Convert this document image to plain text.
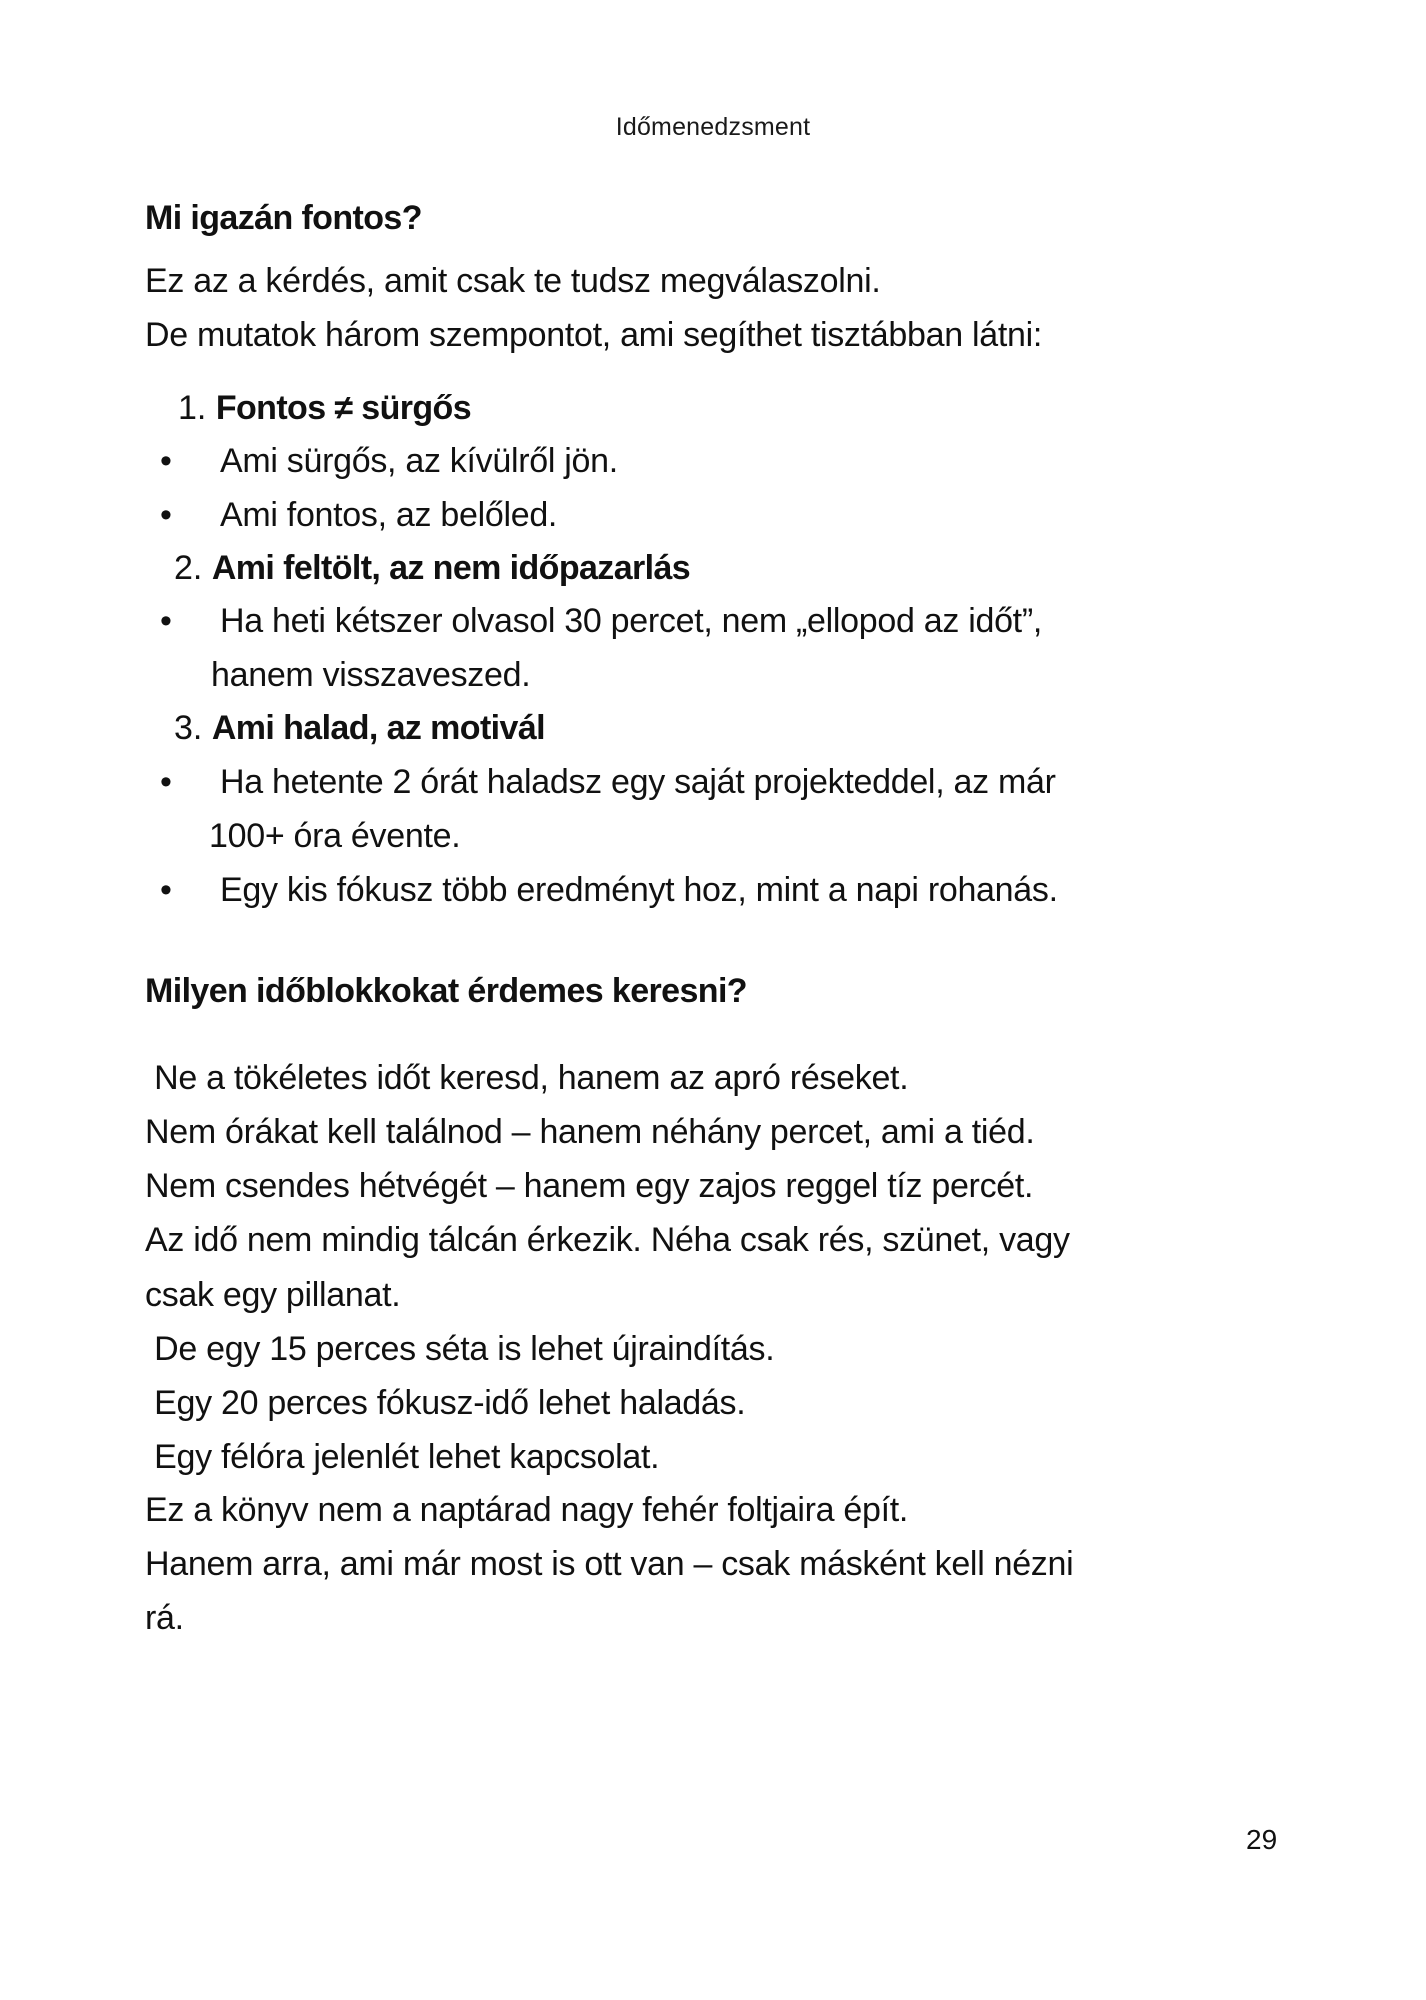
Időmenedzsment
Mi igazán fontos?
Ez az a kérdés, amit csak te tudsz megválaszolni.
De mutatok három szempontot, ami segíthet tisztábban látni:
1. Fontos ≠ sürgős
• Ami sürgős, az kívülről jön.
• Ami fontos, az belőled.
2. Ami feltölt, az nem időpazarlás
• Ha heti kétszer olvasol 30 percet, nem „ellopod az időt”,
hanem visszaveszed.
3. Ami halad, az motivál
• Ha hetente 2 órát haladsz egy saját projekteddel, az már
100+ óra évente.
• Egy kis fókusz több eredményt hoz, mint a napi rohanás.
Milyen időblokkokat érdemes keresni?
Ne a tökéletes időt keresd, hanem az apró réseket.
Nem órákat kell találnod – hanem néhány percet, ami a tiéd.
Nem csendes hétvégét – hanem egy zajos reggel tíz percét.
Az idő nem mindig tálcán érkezik. Néha csak rés, szünet, vagy
csak egy pillanat.
De egy 15 perces séta is lehet újraindítás.
Egy 20 perces fókusz-idő lehet haladás.
Egy félóra jelenlét lehet kapcsolat.
Ez a könyv nem a naptárad nagy fehér foltjaira épít.
Hanem arra, ami már most is ott van – csak másként kell nézni
rá.
29
